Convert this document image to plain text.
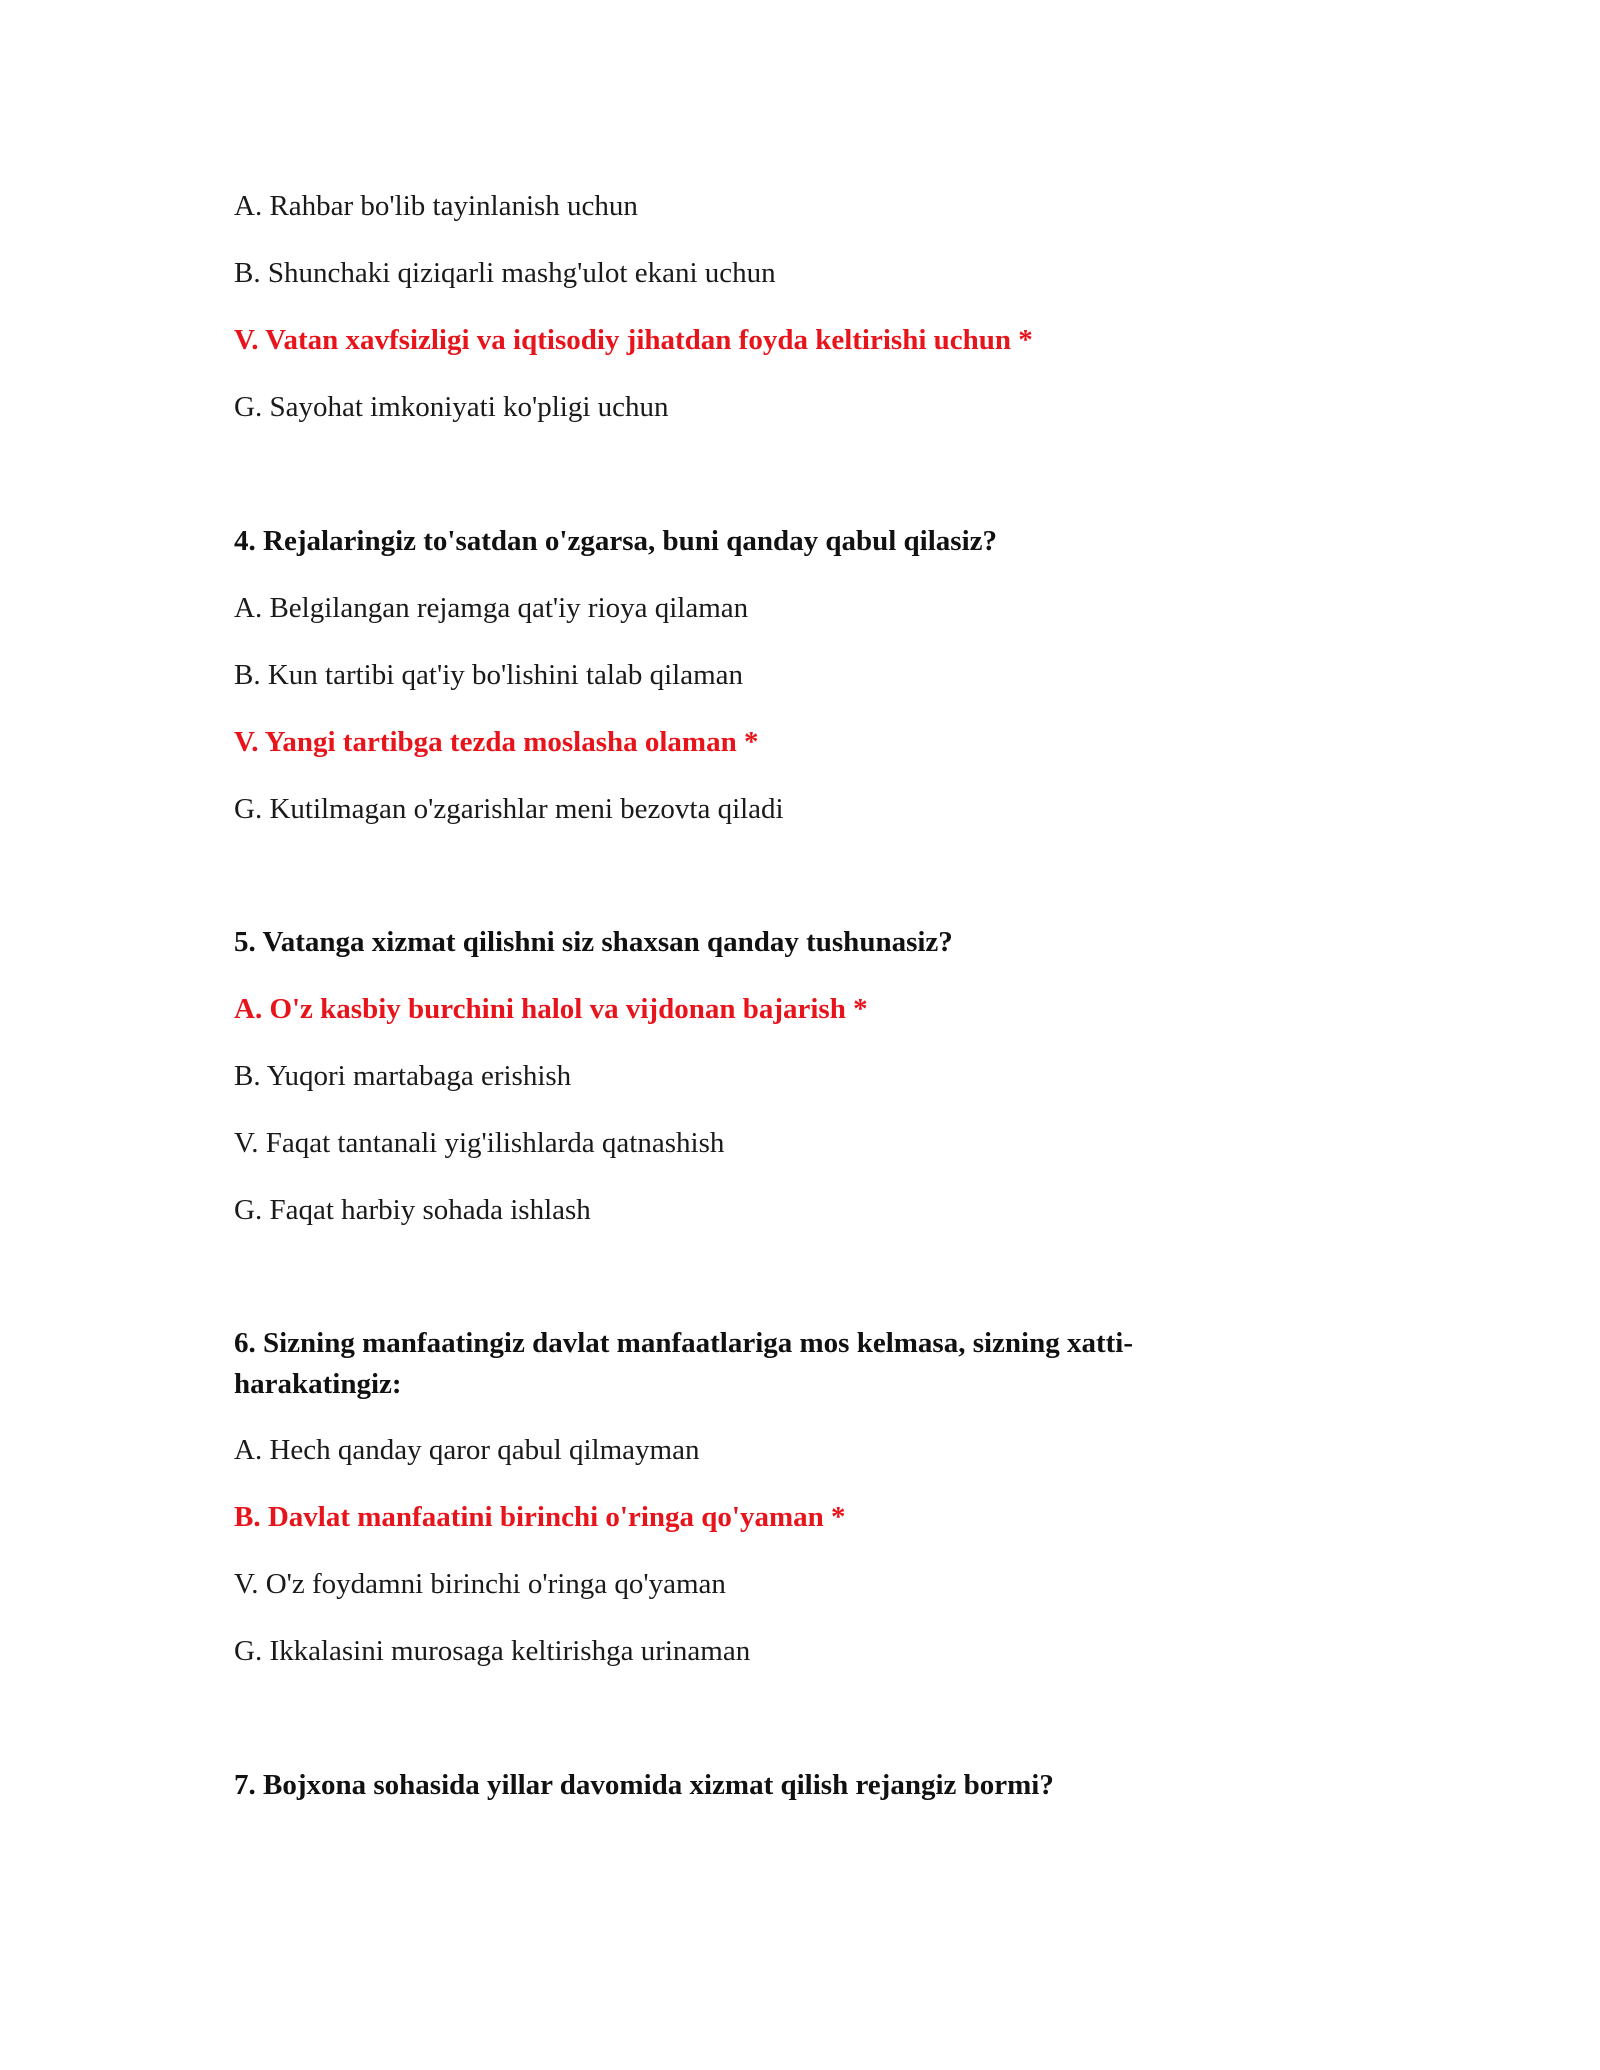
A. Rahbar bo'lib tayinlanish uchun
B. Shunchaki qiziqarli mashg'ulot ekani uchun
V. Vatan xavfsizligi va iqtisodiy jihatdan foyda keltirishi uchun *
G. Sayohat imkoniyati ko'pligi uchun
4. Rejalaringiz to'satdan o'zgarsa, buni qanday qabul qilasiz?
A. Belgilangan rejamga qat'iy rioya qilaman
B. Kun tartibi qat'iy bo'lishini talab qilaman
V. Yangi tartibga tezda moslasha olaman *
G. Kutilmagan o'zgarishlar meni bezovta qiladi
5. Vatanga xizmat qilishni siz shaxsan qanday tushunasiz?
A. O'z kasbiy burchini halol va vijdonan bajarish *
B. Yuqori martabaga erishish
V. Faqat tantanali yig'ilishlarda qatnashish
G. Faqat harbiy sohada ishlash
6. Sizning manfaatingiz davlat manfaatlariga mos kelmasa, sizning xatti-
harakatingiz:
A. Hech qanday qaror qabul qilmayman
B. Davlat manfaatini birinchi o'ringa qo'yaman *
V. O'z foydamni birinchi o'ringa qo'yaman
G. Ikkalasini murosaga keltirishga urinaman
7. Bojxona sohasida yillar davomida xizmat qilish rejangiz bormi?
